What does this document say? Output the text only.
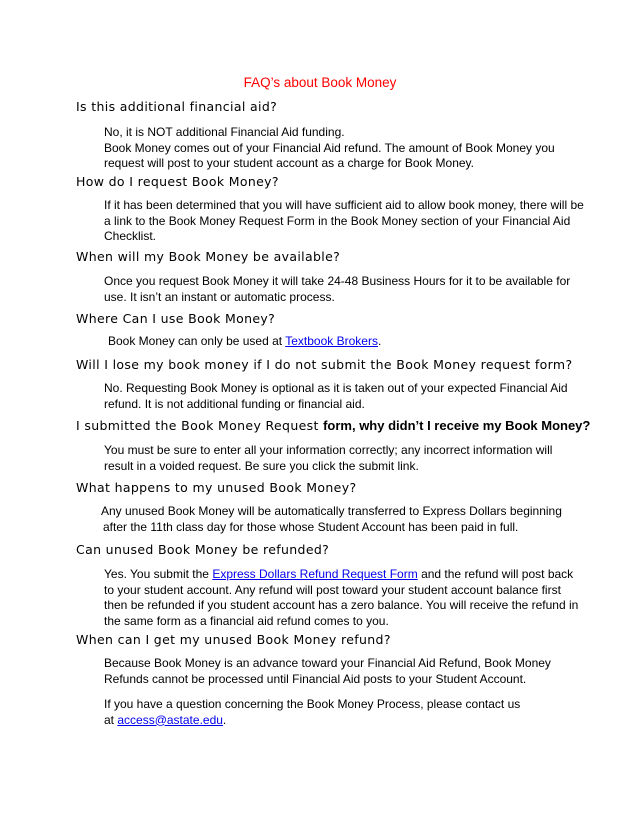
FAQ’s about Book Money
Is this additional financial aid?
No, it is NOT additional Financial Aid funding.
Book Money comes out of your Financial Aid refund. The amount of Book Money you
request will post to your student account as a charge for Book Money.
How do I request Book Money?
If it has been determined that you will have sufficient aid to allow book money, there will be
a link to the Book Money Request Form in the Book Money section of your Financial Aid
Checklist.
When will my Book Money be available?
Once you request Book Money it will take 24-48 Business Hours for it to be available for
use. It isn’t an instant or automatic process.
Where Can I use Book Money?
Book Money can only be used at Textbook Brokers.
Will I lose my book money if I do not submit the Book Money request form?
No. Requesting Book Money is optional as it is taken out of your expected Financial Aid
refund. It is not additional funding or financial aid.
I submitted the Book Money Request form, why didn’t I receive my Book Money?
You must be sure to enter all your information correctly; any incorrect information will
result in a voided request. Be sure you click the submit link.
What happens to my unused Book Money?
Any unused Book Money will be automatically transferred to Express Dollars beginning
after the 11th class day for those whose Student Account has been paid in full.
Can unused Book Money be refunded?
Yes. You submit the Express Dollars Refund Request Form and the refund will post back
to your student account. Any refund will post toward your student account balance first
then be refunded if you student account has a zero balance. You will receive the refund in
the same form as a financial aid refund comes to you.
When can I get my unused Book Money refund?
Because Book Money is an advance toward your Financial Aid Refund, Book Money
Refunds cannot be processed until Financial Aid posts to your Student Account.
If you have a question concerning the Book Money Process, please contact us
at access@astate.edu.
